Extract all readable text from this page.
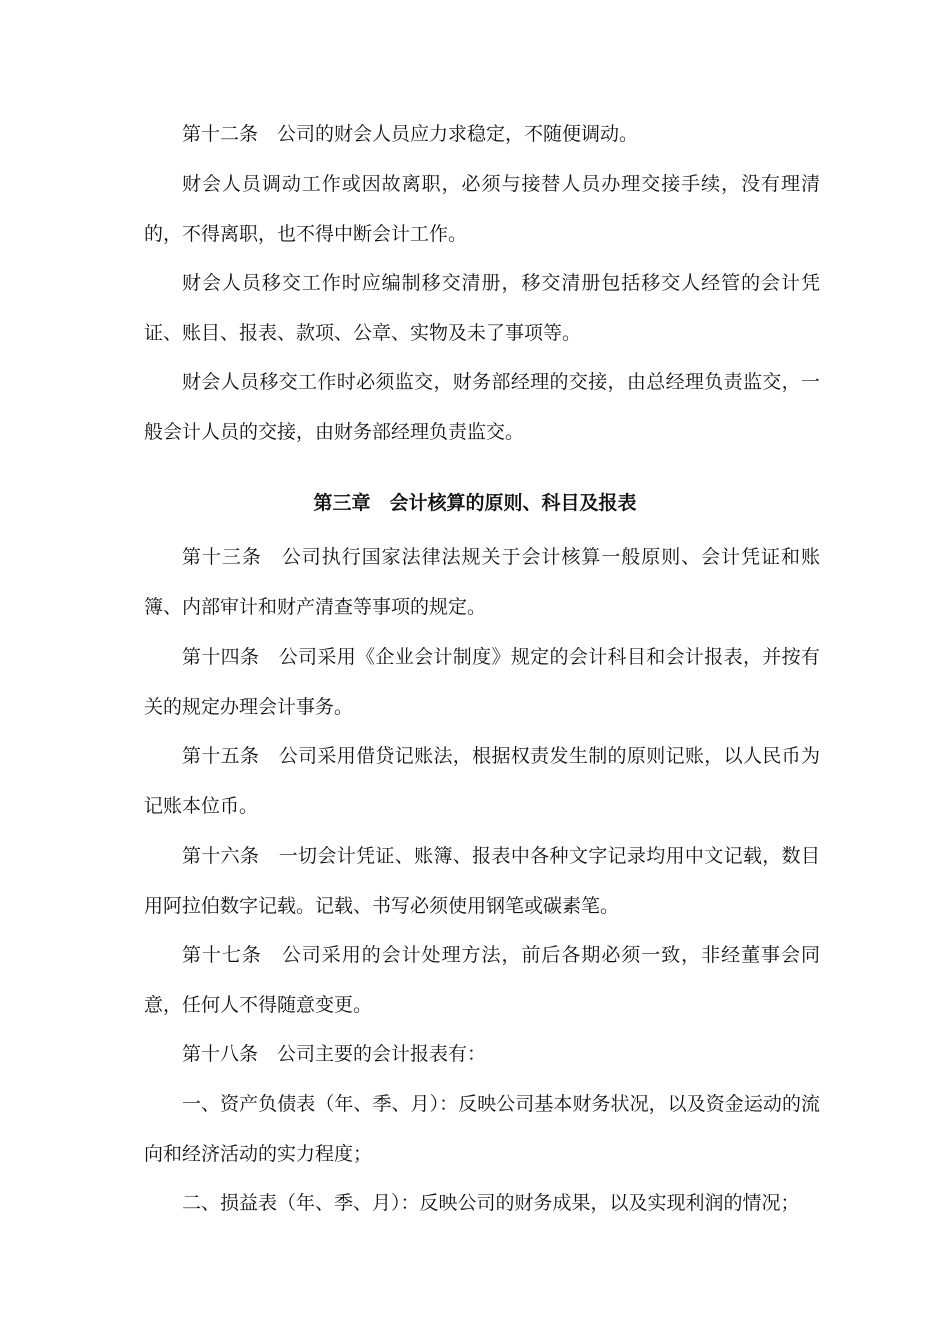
第十二条　公司的财会人员应力求稳定，不随便调动。

财会人员调动工作或因故离职，必须与接替人员办理交接手续，没有理清的，不得离职，也不得中断会计工作。

财会人员移交工作时应编制移交清册，移交清册包括移交人经管的会计凭证、账目、报表、款项、公章、实物及未了事项等。

财会人员移交工作时必须监交，财务部经理的交接，由总经理负责监交，一般会计人员的交接，由财务部经理负责监交。

第三章　会计核算的原则、科目及报表

第十三条　公司执行国家法律法规关于会计核算一般原则、会计凭证和账簿、内部审计和财产清查等事项的规定。

第十四条　公司采用《企业会计制度》规定的会计科目和会计报表，并按有关的规定办理会计事务。

第十五条　公司采用借贷记账法，根据权责发生制的原则记账，以人民币为记账本位币。

第十六条　一切会计凭证、账簿、报表中各种文字记录均用中文记载，数目用阿拉伯数字记载。记载、书写必须使用钢笔或碳素笔。

第十七条　公司采用的会计处理方法，前后各期必须一致，非经董事会同意，任何人不得随意变更。

第十八条　公司主要的会计报表有：

一、资产负债表（年、季、月）：反映公司基本财务状况，以及资金运动的流向和经济活动的实力程度；

二、损益表（年、季、月）：反映公司的财务成果，以及实现利润的情况；
